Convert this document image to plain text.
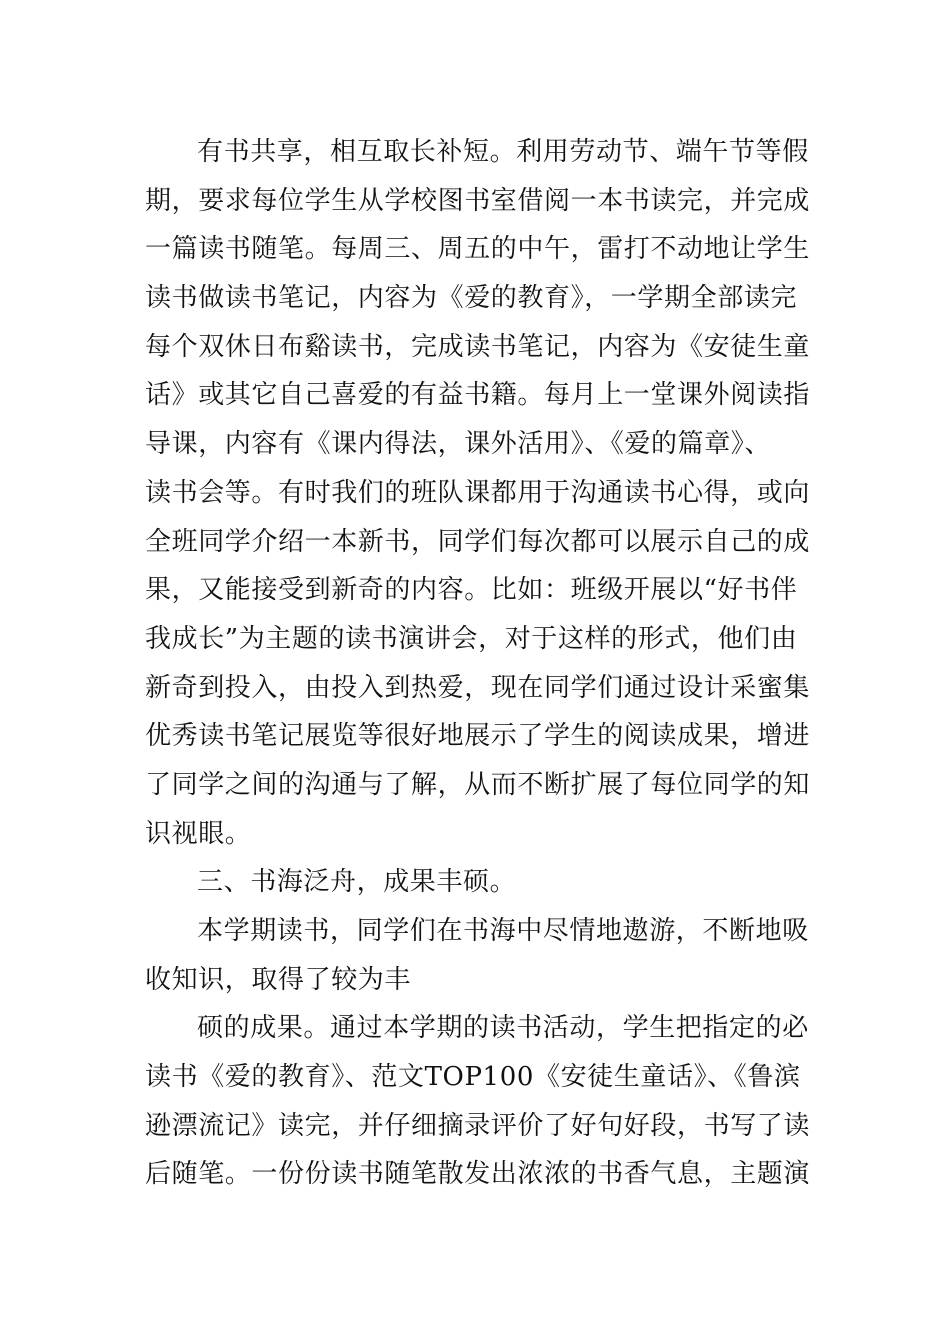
有书共享，相互取长补短。利用劳动节、端午节等假
期，要求每位学生从学校图书室借阅一本书读完，并完成
一篇读书随笔。每周三、周五的中午，雷打不动地让学生
读书做读书笔记，内容为《爱的教育》，一学期全部读完
每个双休日布谿读书，完成读书笔记，内容为《安徒生童
话》或其它自己喜爱的有益书籍。每月上一堂课外阅读指
导课，内容有《课内得法，课外活用》、《爱的篇章》、
读书会等。有时我们的班队课都用于沟通读书心得，或向
全班同学介绍一本新书，同学们每次都可以展示自己的成
果，又能接受到新奇的内容。比如：班级开展以“好书伴
我成长”为主题的读书演讲会，对于这样的形式，他们由
新奇到投入，由投入到热爱，现在同学们通过设计采蜜集
优秀读书笔记展览等很好地展示了学生的阅读成果，增进
了同学之间的沟通与了解，从而不断扩展了每位同学的知
识视眼。
三、书海泛舟，成果丰硕。
本学期读书，同学们在书海中尽情地遨游，不断地吸
收知识，取得了较为丰
硕的成果。通过本学期的读书活动，学生把指定的必
读书《爱的教育》、范文TOP100《安徒生童话》、《鲁滨
逊漂流记》读完，并仔细摘录评价了好句好段，书写了读
后随笔。一份份读书随笔散发出浓浓的书香气息，主题演
